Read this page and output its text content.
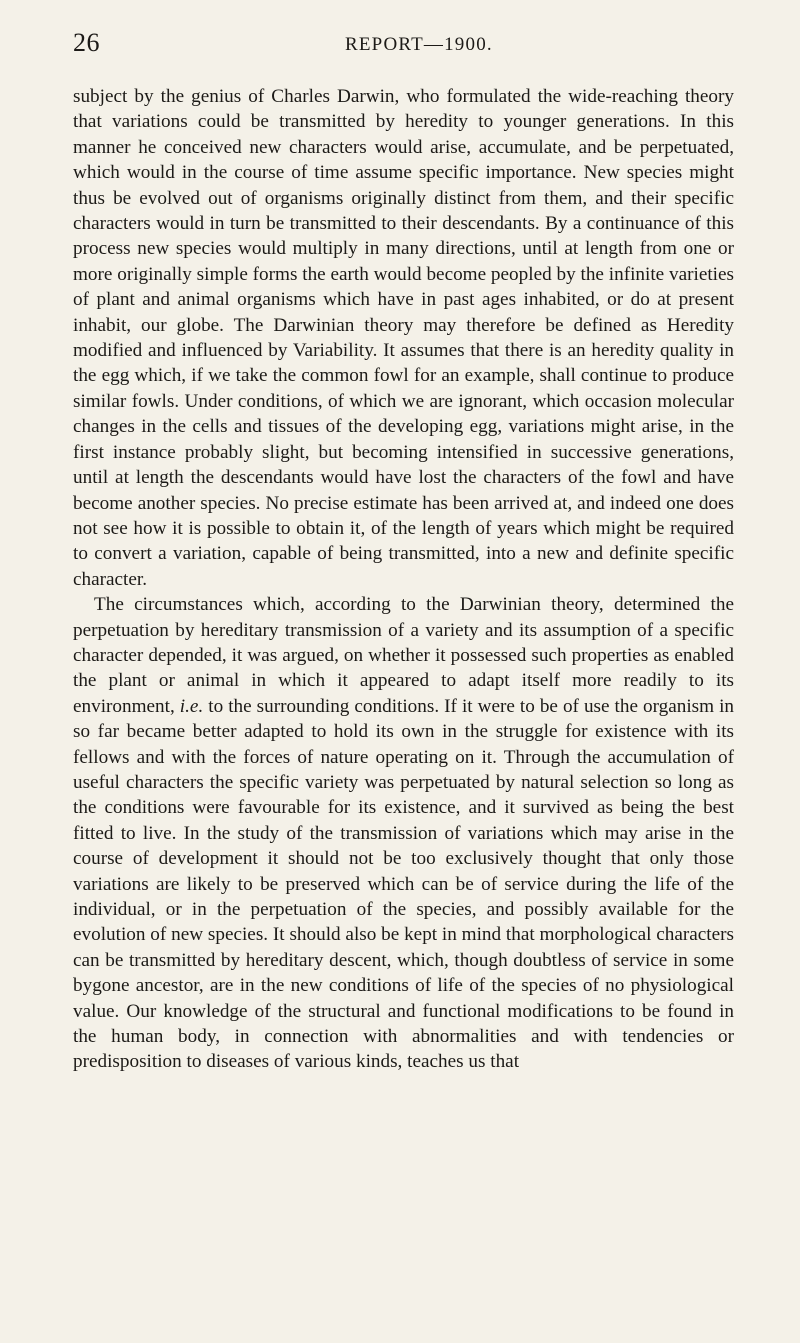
26	REPORT—1900.

subject by the genius of Charles Darwin, who formulated the wide-reaching theory that variations could be transmitted by heredity to younger generations. In this manner he conceived new characters would arise, accumulate, and be perpetuated, which would in the course of time assume specific importance. New species might thus be evolved out of organisms originally distinct from them, and their specific characters would in turn be transmitted to their descendants. By a continuance of this process new species would multiply in many directions, until at length from one or more originally simple forms the earth would become peopled by the infinite varieties of plant and animal organisms which have in past ages inhabited, or do at present inhabit, our globe. The Darwinian theory may therefore be defined as Heredity modified and influenced by Variability. It assumes that there is an heredity quality in the egg which, if we take the common fowl for an example, shall continue to produce similar fowls. Under conditions, of which we are ignorant, which occasion molecular changes in the cells and tissues of the developing egg, variations might arise, in the first instance probably slight, but becoming intensified in successive generations, until at length the descendants would have lost the characters of the fowl and have become another species. No precise estimate has been arrived at, and indeed one does not see how it is possible to obtain it, of the length of years which might be required to convert a variation, capable of being transmitted, into a new and definite specific character.

The circumstances which, according to the Darwinian theory, determined the perpetuation by hereditary transmission of a variety and its assumption of a specific character depended, it was argued, on whether it possessed such properties as enabled the plant or animal in which it appeared to adapt itself more readily to its environment, i.e. to the surrounding conditions. If it were to be of use the organism in so far became better adapted to hold its own in the struggle for existence with its fellows and with the forces of nature operating on it. Through the accumulation of useful characters the specific variety was perpetuated by natural selection so long as the conditions were favourable for its existence, and it survived as being the best fitted to live. In the study of the transmission of variations which may arise in the course of development it should not be too exclusively thought that only those variations are likely to be preserved which can be of service during the life of the individual, or in the perpetuation of the species, and possibly available for the evolution of new species. It should also be kept in mind that morphological characters can be transmitted by hereditary descent, which, though doubtless of service in some bygone ancestor, are in the new conditions of life of the species of no physiological value. Our knowledge of the structural and functional modifications to be found in the human body, in connection with abnormalities and with tendencies or predisposition to diseases of various kinds, teaches us that
